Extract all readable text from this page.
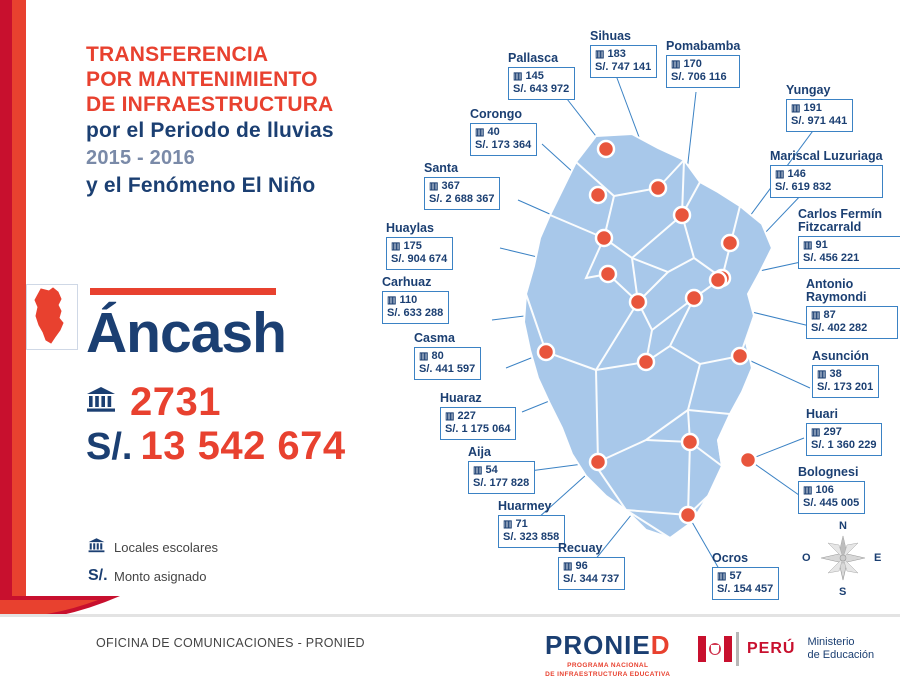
TRANSFERENCIA
POR MANTENIMIENTO
DE INFRAESTRUCTURA
por el Periodo de lluvias
2015 - 2016
y el Fenómeno El Niño
Áncash
2731
S/. 13 542 674
Locales escolares
S/. Monto asignado
Pallasca
▥ 145
S/. 643 972
Sihuas
▥ 183
S/. 747 141
Pomabamba
▥ 170
S/. 706 116
Corongo
▥ 40
S/. 173 364
Yungay
▥ 191
S/. 971 441
Santa
▥ 367
S/. 2 688 367
Mariscal Luzuriaga
▥ 146
S/. 619 832
Carlos Fermín Fitzcarrald
▥ 91
S/. 456 221
Huaylas
▥ 175
S/. 904 674
Antonio Raymondi
▥ 87
S/. 402 282
Carhuaz
▥ 110
S/. 633 288
Casma
▥ 80
S/. 441 597
Asunción
▥ 38
S/. 173 201
Huaraz
▥ 227
S/. 1 175 064
Huari
▥ 297
S/. 1 360 229
Aija
▥ 54
S/. 177 828
Bolognesi
▥ 106
S/. 445 005
Huarmey
▥ 71
S/. 323 858
Recuay
▥ 96
S/. 344 737
Ocros
▥ 57
S/. 154 457
N
S
E
O
OFICINA DE COMUNICACIONES - PRONIED	PRONIED
PROGRAMA NACIONAL
DE INFRAESTRUCTURA EDUCATIVA
PERÚ Ministerio
de Educación
